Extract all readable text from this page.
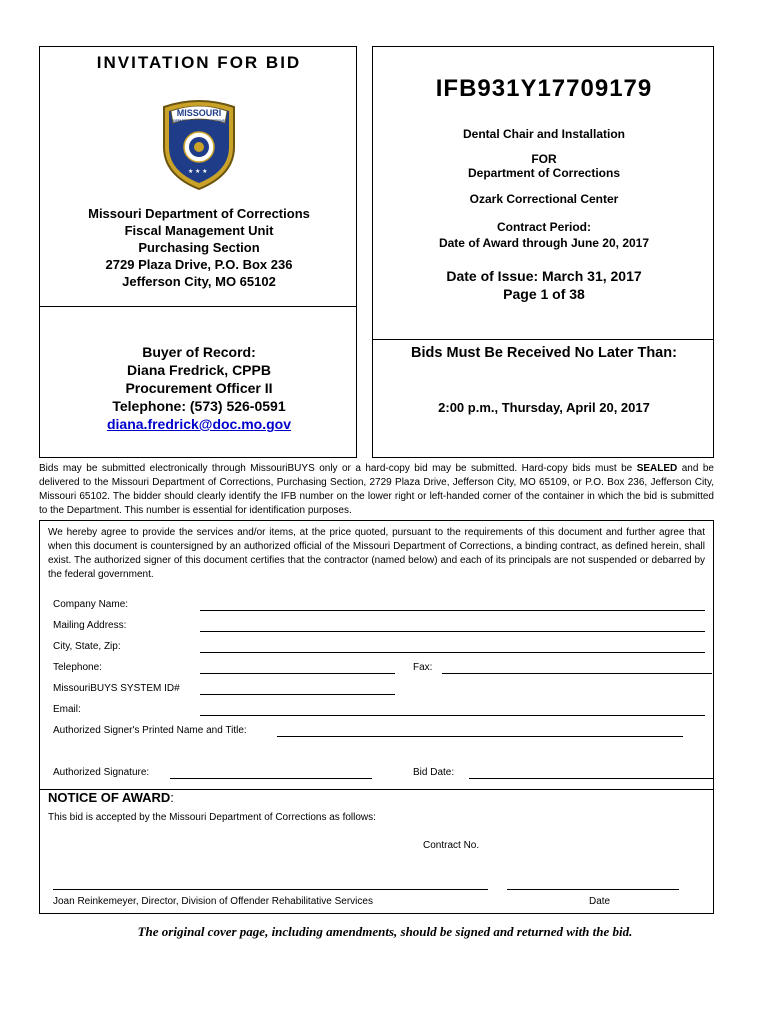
INVITATION FOR BID
MISSOURI
DEPARTMENT OF CORRECTIONS
★ ★ ★
Missouri Department of Corrections
Fiscal Management Unit
Purchasing Section
2729 Plaza Drive, P.O. Box 236
Jefferson City, MO 65102
IFB931Y17709179
Dental Chair and Installation
FOR
Department of Corrections
Ozark Correctional Center
Contract Period:
Date of Award through June 20, 2017
Date of Issue: March 31, 2017
Page 1 of 38
Buyer of Record:
Diana Fredrick, CPPB
Procurement Officer II
Telephone: (573) 526-0591
diana.fredrick@doc.mo.gov
Bids Must Be Received No Later Than:
2:00 p.m., Thursday, April 20, 2017
Bids may be submitted electronically through MissouriBUYS only or a hard-copy bid may be submitted. Hard-copy bids must be SEALED and be delivered to the Missouri Department of Corrections, Purchasing Section, 2729 Plaza Drive, Jefferson City, MO 65109, or P.O. Box 236, Jefferson City, Missouri 65102. The bidder should clearly identify the IFB number on the lower right or left-handed corner of the container in which the bid is submitted to the Department. This number is essential for identification purposes.
We hereby agree to provide the services and/or items, at the price quoted, pursuant to the requirements of this document and further agree that when this document is countersigned by an authorized official of the Missouri Department of Corrections, a binding contract, as defined herein, shall exist. The authorized signer of this document certifies that the contractor (named below) and each of its principals are not suspended or debarred by the federal government.
Company Name:
Mailing Address:
City, State, Zip:
Telephone:	Fax:
MissouriBUYS SYSTEM ID#
Email:
Authorized Signer's Printed Name and Title:
Authorized Signature:	Bid Date:
NOTICE OF AWARD:
This bid is accepted by the Missouri Department of Corrections as follows:
Contract No.
Joan Reinkemeyer, Director, Division of Offender Rehabilitative Services	Date
The original cover page, including amendments, should be signed and returned with the bid.
